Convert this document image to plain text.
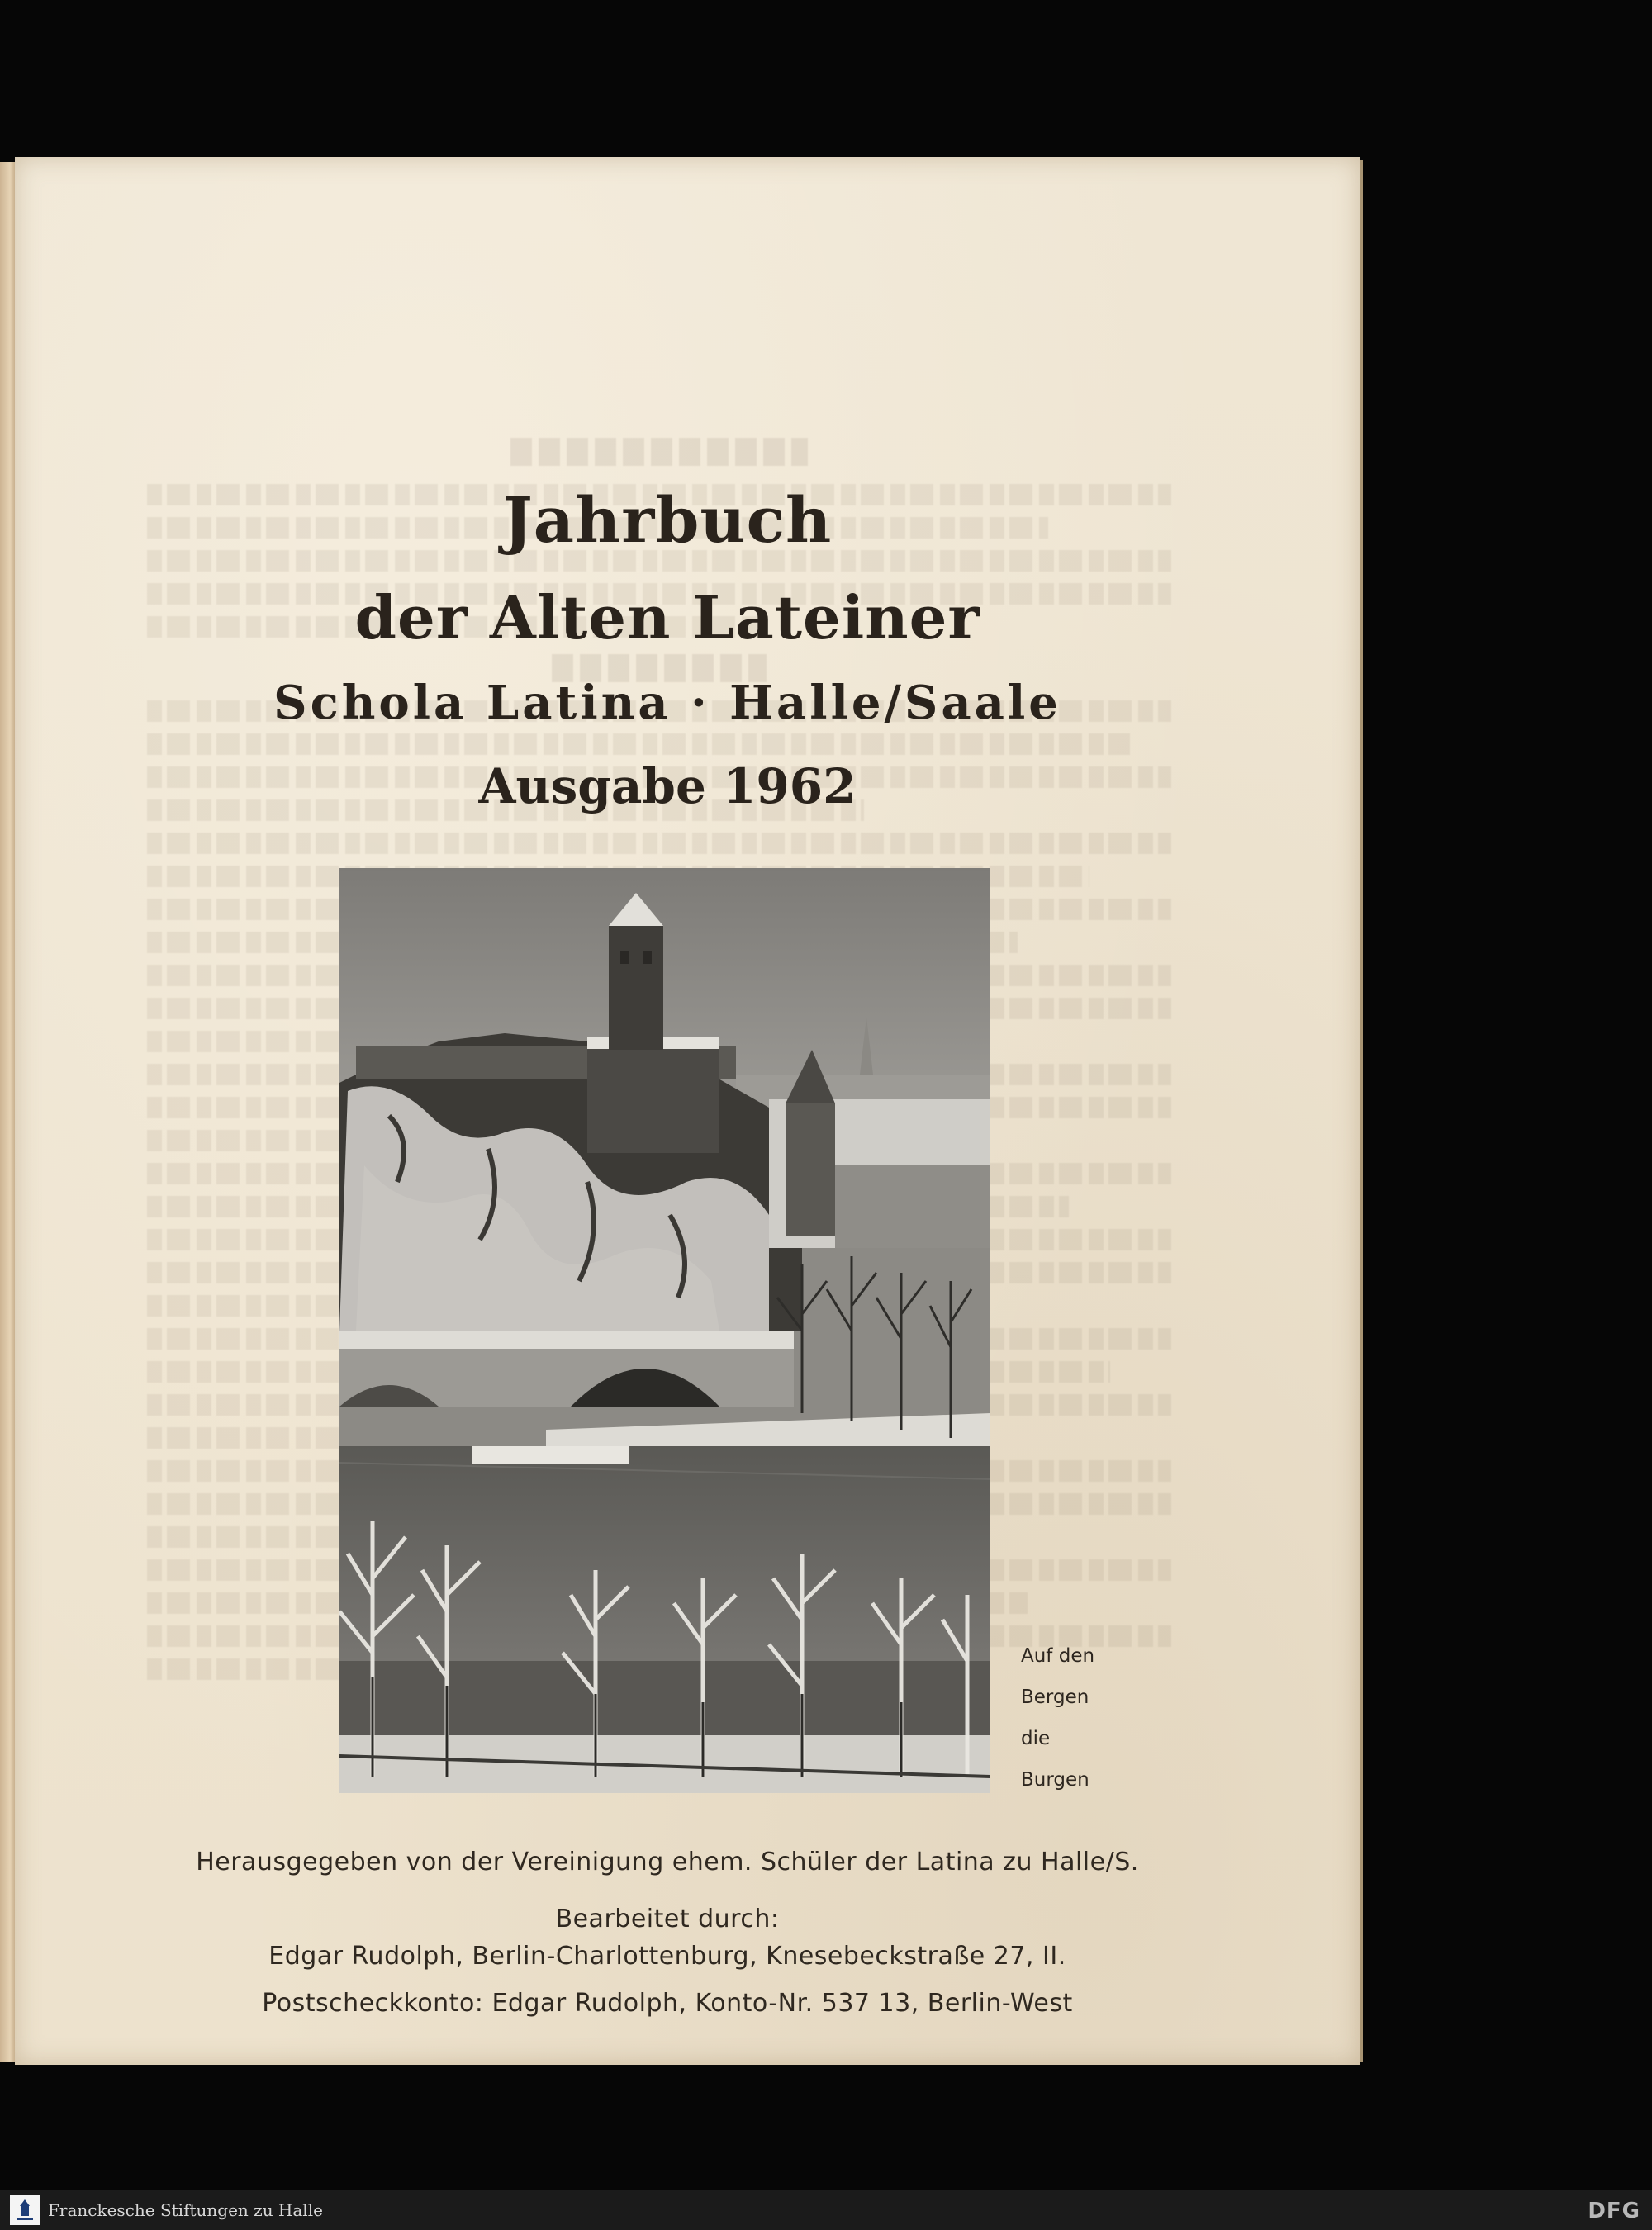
Jahrbuch
der Alten Lateiner
Schola Latina · Halle/Saale
Ausgabe 1962
Auf den
Bergen
die
Burgen

Herausgegeben von der Vereinigung ehem. Schüler der Latina zu Halle/S.

Bearbeitet durch:

Edgar Rudolph, Berlin-Charlottenburg, Knesebeckstraße 27, II.

Postscheckkonto: Edgar Rudolph, Konto-Nr. 537 13, Berlin-West

Franckesche Stiftungen zu Halle	DFG
